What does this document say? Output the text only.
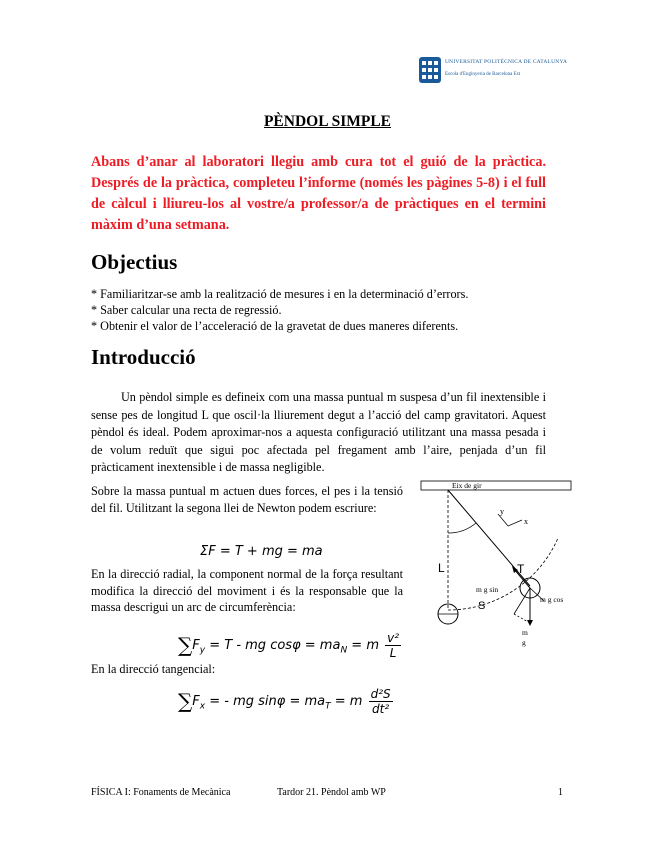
UNIVERSITAT POLITÈCNICA DE CATALUNYA
Escola d'Enginyeria de Barcelona Est
PÈNDOL SIMPLE
Abans d’anar al laboratori llegiu amb cura tot el guió de la pràctica. Després de la pràctica, completeu l’informe (només les pàgines 5-8) i el full de càlcul i lliureu-los al vostre/a professor/a de pràctiques en el termini màxim d’una setmana.
Objectius
* Familiaritzar-se amb la realització de mesures i en la determinació d’errors.
* Saber calcular una recta de regressió.
* Obtenir el valor de l’acceleració de la gravetat de dues maneres diferents.
Introducció

Un pèndol simple es defineix com una massa puntual m suspesa d’un fil inextensible i sense pes de longitud L que oscil·la lliurement degut a l’acció del camp gravitatori. Aquest pèndol és ideal. Podem aproximar-nos a aquesta configuració utilitzant una massa pesada i de volum reduït que sigui poc afectada pel fregament amb l’aire, penjada d’un fil pràcticament inextensible i de massa negligible.

Sobre la massa puntual m actuen dues forces, el pes i la tensió del fil. Utilitzant la segona llei de Newton podem escriure:
ΣF = T + mg = ma
En la direcció radial, la component normal de la força resultant modifica la direcció del moviment i és la responsable que la massa descrigui un arc de circumferència:
$\sum F_y = T$ - mg $\cos\varphi = ma_N = m \frac{\text{v²}}{L}$
En la direcció tangencial:
$\sum F_x$ = - mg $\sin\varphi = ma_T = m \frac{\text{d²S}}{\text{dt²}}$
Eix de gir
y
x
L	T
S
m g sin
m g cos
m
g
FÍSICA I: Fonaments de Mecànica	Tardor 21. Pèndol amb WP	1
